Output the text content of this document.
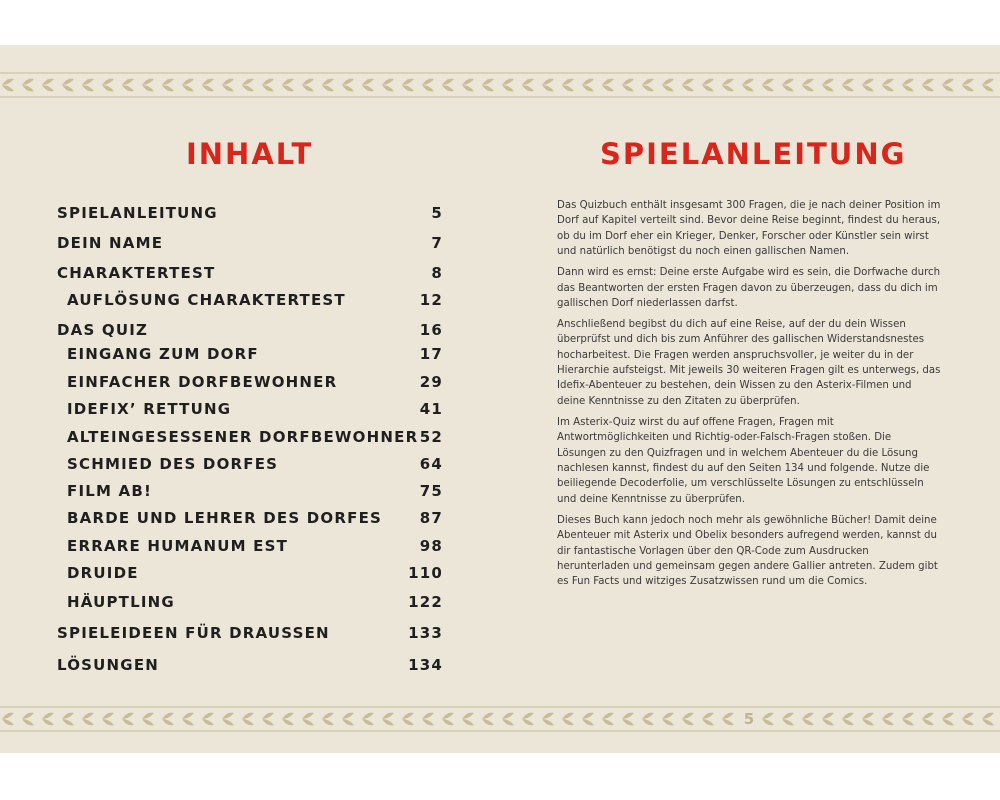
INHALT
SPIELANLEITUNG	5
DEIN NAME	7
CHARAKTERTEST	8
AUFLÖSUNG CHARAKTERTEST	12
DAS QUIZ	16
EINGANG ZUM DORF	17
EINFACHER DORFBEWOHNER	29
IDEFIX’ RETTUNG	41
ALTEINGESESSENER DORFBEWOHNER 52
SCHMIED DES DORFES	64
FILM AB!	75
BARDE UND LEHRER DES DORFES	87
ERRARE HUMANUM EST	98
DRUIDE	110
HÄUPTLING	122
SPIELEIDEEN FÜR DRAUSSEN	133
LÖSUNGEN	134
SPIELANLEITUNG

Das Quizbuch enthält insgesamt 300 Fragen, die je nach deiner Position im Dorf auf Kapitel verteilt sind. Bevor deine Reise beginnt, findest du heraus, ob du im Dorf eher ein Krieger, Denker, Forscher oder Künstler sein wirst und natürlich benötigst du noch einen gallischen Namen.

Dann wird es ernst: Deine erste Aufgabe wird es sein, die Dorfwache durch das Beantworten der ersten Fragen davon zu überzeugen, dass du dich im gallischen Dorf niederlassen darfst.

Anschließend begibst du dich auf eine Reise, auf der du dein Wissen überprüfst und dich bis zum Anführer des gallischen Widerstandsnestes hocharbeitest. Die Fragen werden anspruchsvoller, je weiter du in der Hierarchie aufsteigst. Mit jeweils 30 weiteren Fragen gilt es unterwegs, das Idefix-Abenteuer zu bestehen, dein Wissen zu den Asterix-Filmen und deine Kenntnisse zu den Zitaten zu überprüfen.

Im Asterix-Quiz wirst du auf offene Fragen, Fragen mit Antwortmöglichkeiten und Richtig-oder-Falsch-Fragen stoßen. Die Lösungen zu den Quizfragen und in welchem Abenteuer du die Lösung nachlesen kannst, findest du auf den Seiten 134 und folgende. Nutze die beiliegende Decoderfolie, um verschlüsselte Lösungen zu entschlüsseln und deine Kenntnisse zu überprüfen.

Dieses Buch kann jedoch noch mehr als gewöhnliche Bücher! Damit deine Abenteuer mit Asterix und Obelix besonders aufregend werden, kannst du dir fantastische Vorlagen über den QR-Code zum Ausdrucken herunterladen und gemeinsam gegen andere Gallier antreten. Zudem gibt es Fun Facts und witziges Zusatzwissen rund um die Comics.

5
